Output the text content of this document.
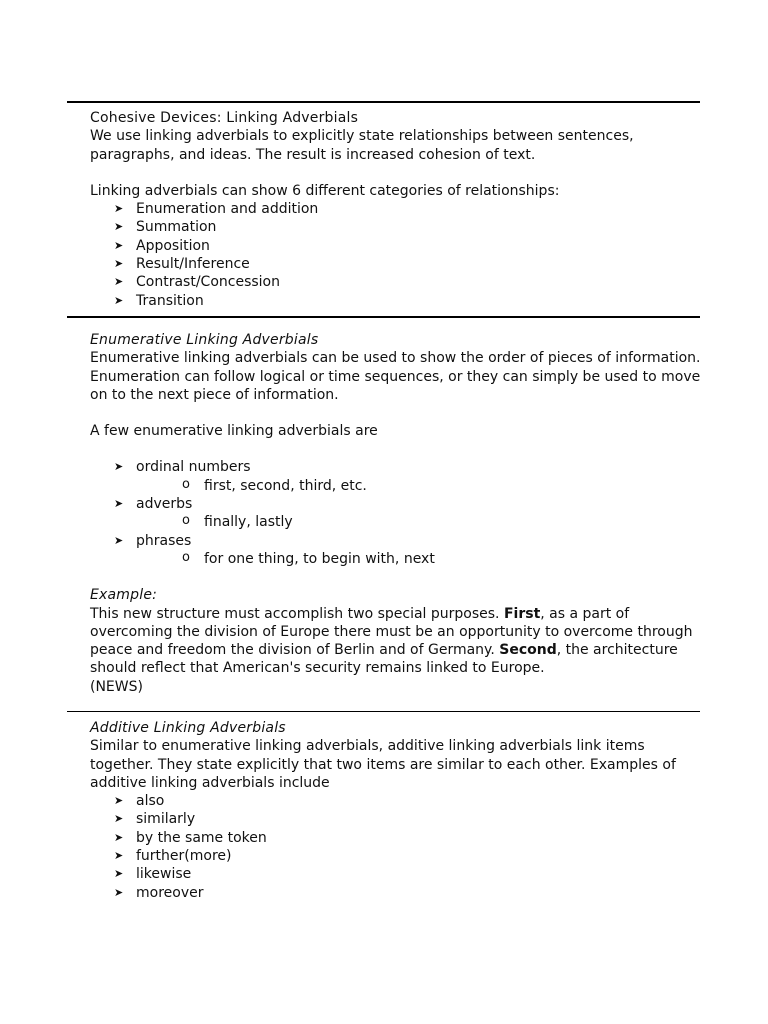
Cohesive Devices: Linking Adverbials

We use linking adverbials to explicitly state relationships between sentences, paragraphs, and ideas. The result is increased cohesion of text.

Linking adverbials can show 6 different categories of relationships:

➤ Enumeration and addition
➤ Summation
➤ Apposition
➤ Result/Inference
➤ Contrast/Concession
➤ Transition
Enumerative Linking Adverbials

Enumerative linking adverbials can be used to show the order of pieces of information. Enumeration can follow logical or time sequences, or they can simply be used to move on to the next piece of information.

A few enumerative linking adverbials are

➤ ordinal numbers
o first, second, third, etc.
➤ adverbs
o finally, lastly
➤ phrases
o for one thing, to begin with, next

Example:

This new structure must accomplish two special purposes. First, as a part of overcoming the division of Europe there must be an opportunity to overcome through peace and freedom the division of Berlin and of Germany. Second, the architecture should reflect that American's security remains linked to Europe.

(NEWS)

Additive Linking Adverbials

Similar to enumerative linking adverbials, additive linking adverbials link items together. They state explicitly that two items are similar to each other. Examples of additive linking adverbials include

➤ also
➤ similarly
➤ by the same token
➤ further(more)
➤ likewise
➤ moreover
